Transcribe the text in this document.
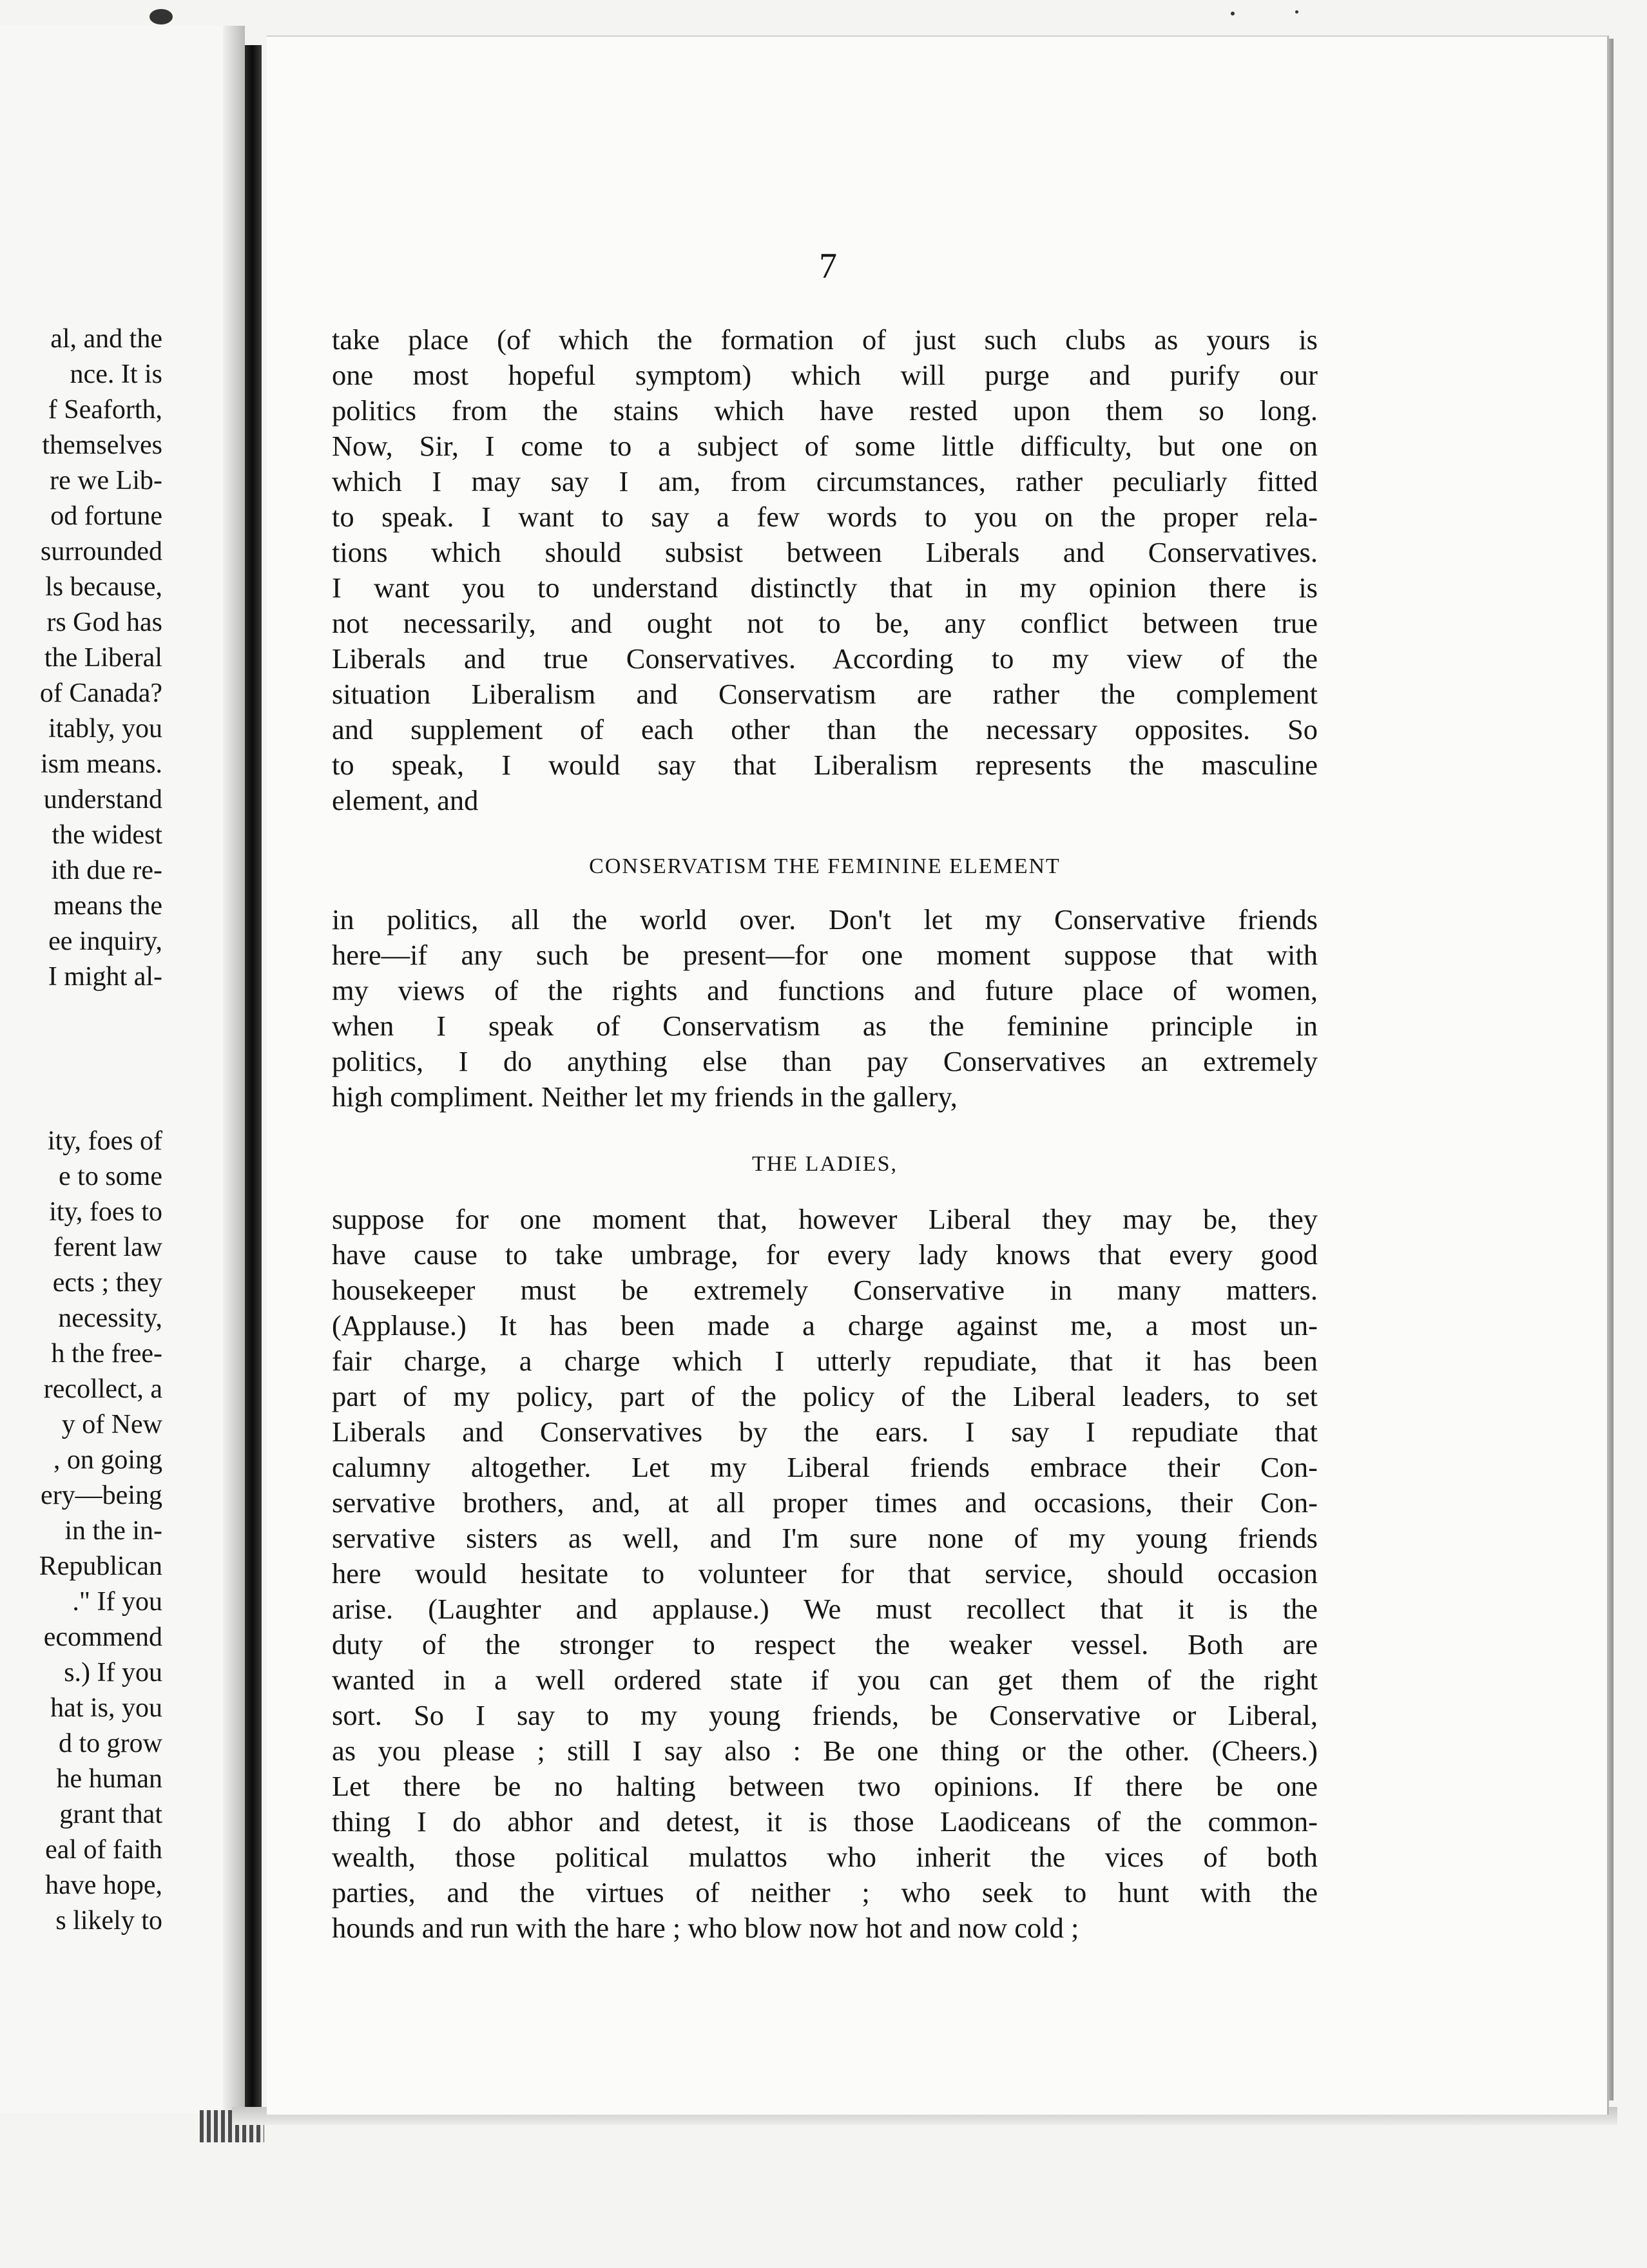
al, and the
nce. It is
f Seaforth,
themselves
re we Lib-
od fortune
surrounded
ls because,
rs God has
the Liberal
of Canada?
itably, you
ism means.
understand
the widest
ith due re-
means the
ee inquiry,
I might al-
ity, foes of
e to some
ity, foes to
ferent law
ects ; they
necessity,
h the free-
recollect, a
y of New
, on going
ery—being
in the in-
Republican
." If you
ecommend
s.) If you
hat is, you
d to grow
he human
grant that
eal of faith
have hope,
s likely to
7
take place (of which the formation of just such clubs as yours is
one most hopeful symptom) which will purge and purify our
politics from the stains which have rested upon them so long.
Now, Sir, I come to a subject of some little difficulty, but one on
which I may say I am, from circumstances, rather peculiarly fitted
to speak. I want to say a few words to you on the proper rela-
tions which should subsist between Liberals and Conservatives.
I want you to understand distinctly that in my opinion there is
not necessarily, and ought not to be, any conflict between true
Liberals and true Conservatives. According to my view of the
situation Liberalism and Conservatism are rather the complement
and supplement of each other than the necessary opposites. So
to speak, I would say that Liberalism represents the masculine
element, and
CONSERVATISM THE FEMININE ELEMENT
in politics, all the world over. Don't let my Conservative friends
here—if any such be present—for one moment suppose that with
my views of the rights and functions and future place of women,
when I speak of Conservatism as the feminine principle in
politics, I do anything else than pay Conservatives an extremely
high compliment. Neither let my friends in the gallery,
THE LADIES,
suppose for one moment that, however Liberal they may be, they
have cause to take umbrage, for every lady knows that every good
housekeeper must be extremely Conservative in many matters.
(Applause.) It has been made a charge against me, a most un-
fair charge, a charge which I utterly repudiate, that it has been
part of my policy, part of the policy of the Liberal leaders, to set
Liberals and Conservatives by the ears. I say I repudiate that
calumny altogether. Let my Liberal friends embrace their Con-
servative brothers, and, at all proper times and occasions, their Con-
servative sisters as well, and I'm sure none of my young friends
here would hesitate to volunteer for that service, should occasion
arise. (Laughter and applause.) We must recollect that it is the
duty of the stronger to respect the weaker vessel. Both are
wanted in a well ordered state if you can get them of the right
sort. So I say to my young friends, be Conservative or Liberal,
as you please ; still I say also : Be one thing or the other. (Cheers.)
Let there be no halting between two opinions. If there be one
thing I do abhor and detest, it is those Laodiceans of the common-
wealth, those political mulattos who inherit the vices of both
parties, and the virtues of neither ; who seek to hunt with the
hounds and run with the hare ; who blow now hot and now cold ;
